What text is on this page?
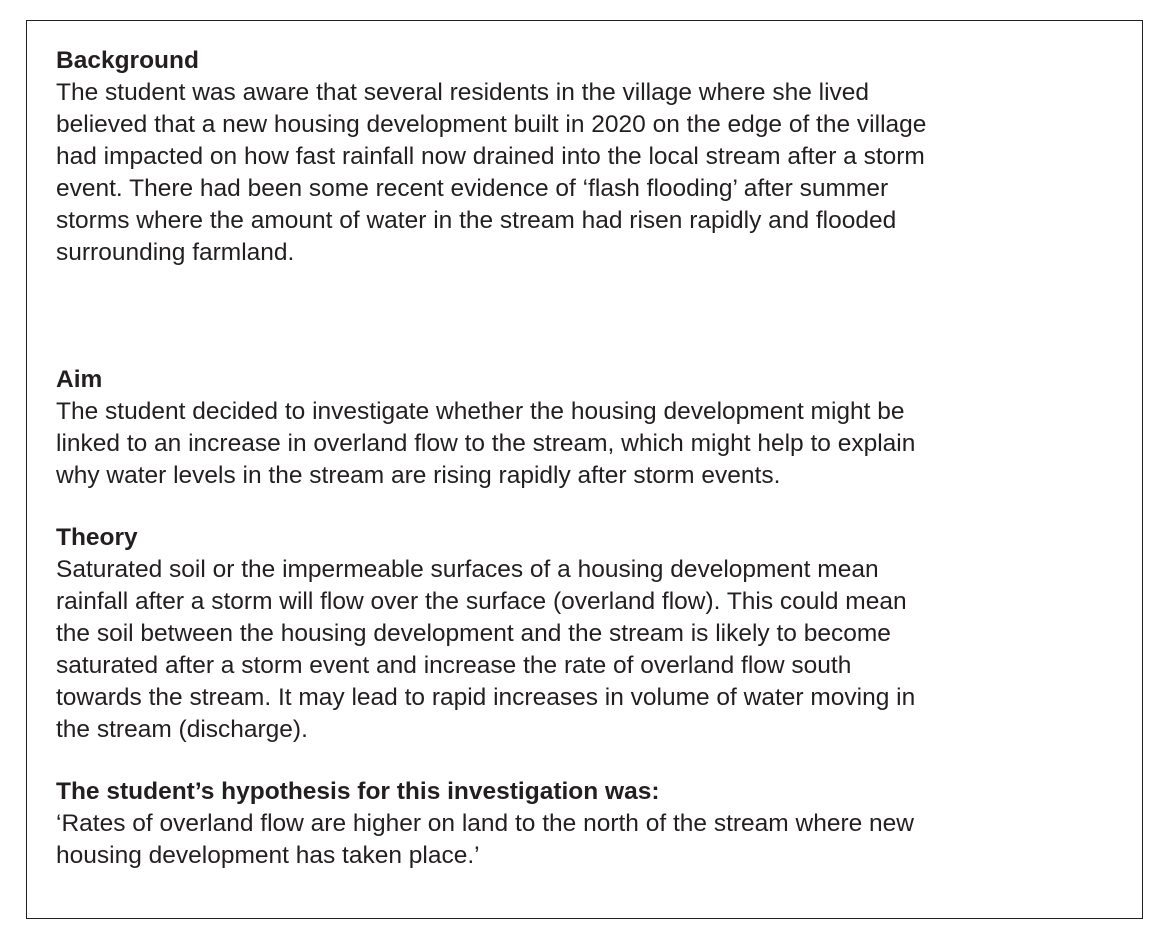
Background

The student was aware that several residents in the village where she lived

believed that a new housing development built in 2020 on the edge of the village

had impacted on how fast rainfall now drained into the local stream after a storm

event. There had been some recent evidence of ‘flash flooding’ after summer

storms where the amount of water in the stream had risen rapidly and flooded

surrounding farmland.

Aim

The student decided to investigate whether the housing development might be

linked to an increase in overland flow to the stream, which might help to explain

why water levels in the stream are rising rapidly after storm events.

Theory

Saturated soil or the impermeable surfaces of a housing development mean

rainfall after a storm will flow over the surface (overland flow). This could mean

the soil between the housing development and the stream is likely to become

saturated after a storm event and increase the rate of overland flow south

towards the stream. It may lead to rapid increases in volume of water moving in

the stream (discharge).

The student’s hypothesis for this investigation was:

‘Rates of overland flow are higher on land to the north of the stream where new

housing development has taken place.’
